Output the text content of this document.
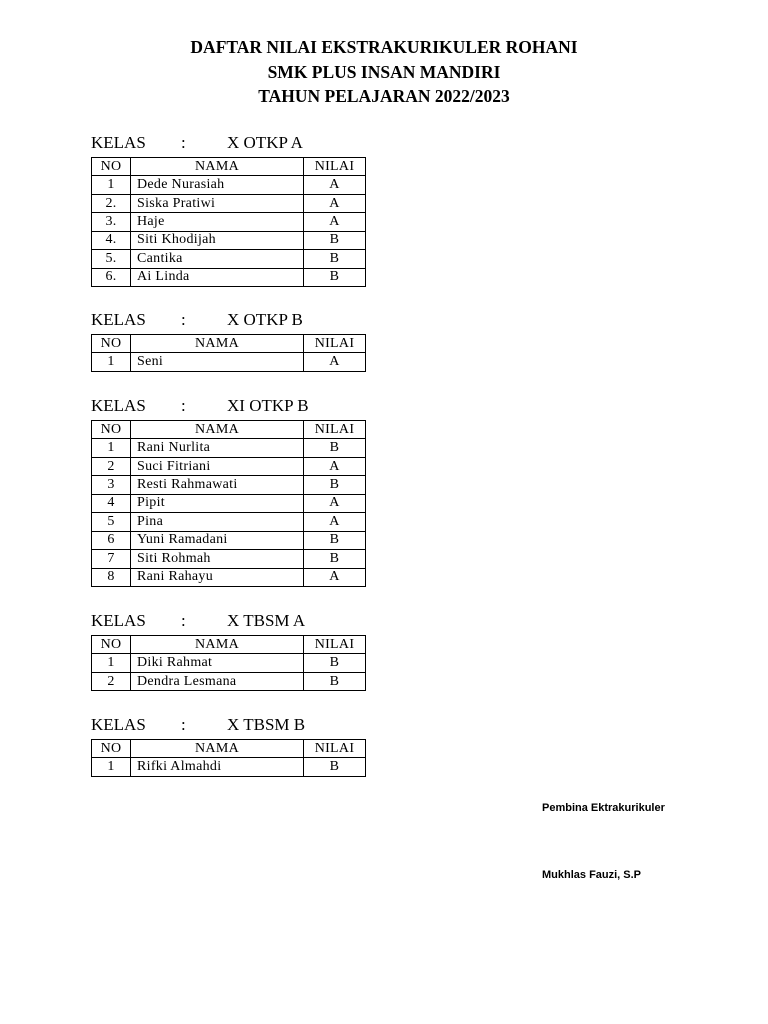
DAFTAR NILAI EKSTRAKURIKULER ROHANI
SMK PLUS INSAN MANDIRI
TAHUN PELAJARAN 2022/2023
KELAS : X OTKP A
NO	NAMA	NILAI
1	Dede Nurasiah	A
2.	Siska Pratiwi	A
3.	Haje	A
4.	Siti Khodijah	B
5.	Cantika	B
6.	Ai Linda	B
KELAS : X OTKP B
NO	NAMA	NILAI
1	Seni	A
KELAS : XI OTKP B
NO	NAMA	NILAI
1	Rani Nurlita	B
2	Suci Fitriani	A
3	Resti Rahmawati	B
4	Pipit	A
5	Pina	A
6	Yuni Ramadani	B
7	Siti Rohmah	B
8	Rani Rahayu	A
KELAS : X TBSM A
NO	NAMA	NILAI
1	Diki Rahmat	B
2	Dendra Lesmana	B
KELAS : X TBSM B
NO	NAMA	NILAI
1	Rifki Almahdi	B
Pembina Ektrakurikuler
Mukhlas Fauzi, S.P
